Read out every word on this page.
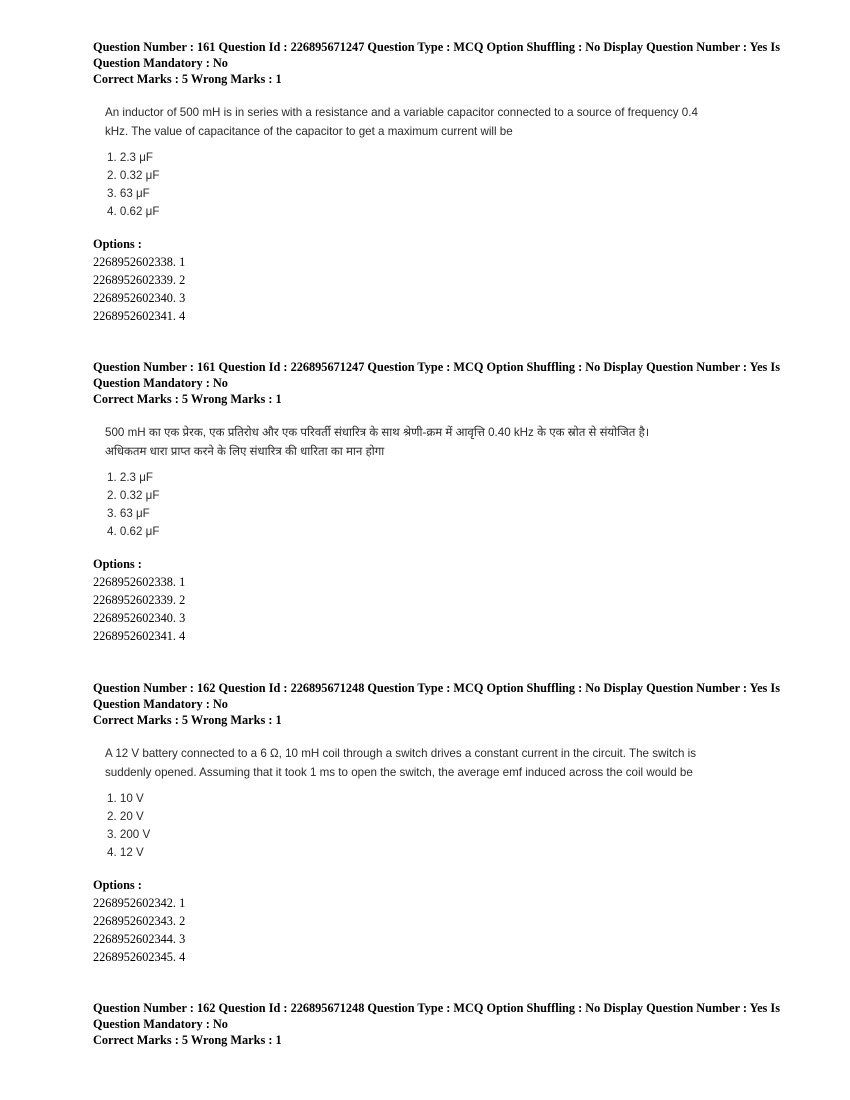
Question Number : 161 Question Id : 226895671247 Question Type : MCQ Option Shuffling : No Display Question Number : Yes Is
Question Mandatory : No
Correct Marks : 5 Wrong Marks : 1
An inductor of 500 mH is in series with a resistance and a variable capacitor connected to a source of frequency 0.4
kHz. The value of capacitance of the capacitor to get a maximum current will be
1. 2.3 μF
2. 0.32 μF
3. 63 μF
4. 0.62 μF
Options :
2268952602338. 1
2268952602339. 2
2268952602340. 3
2268952602341. 4
Question Number : 161 Question Id : 226895671247 Question Type : MCQ Option Shuffling : No Display Question Number : Yes Is
Question Mandatory : No
Correct Marks : 5 Wrong Marks : 1
500 mH का एक प्रेरक, एक प्रतिरोध और एक परिवर्ती संधारित्र के साथ श्रेणी-क्रम में आवृत्ति 0.40 kHz के एक स्रोत से संयोजित है।
अधिकतम धारा प्राप्त करने के लिए संधारित्र की धारिता का मान होगा
1. 2.3 μF
2. 0.32 μF
3. 63 μF
4. 0.62 μF
Options :
2268952602338. 1
2268952602339. 2
2268952602340. 3
2268952602341. 4
Question Number : 162 Question Id : 226895671248 Question Type : MCQ Option Shuffling : No Display Question Number : Yes Is
Question Mandatory : No
Correct Marks : 5 Wrong Marks : 1
A 12 V battery connected to a 6 Ω, 10 mH coil through a switch drives a constant current in the circuit. The switch is
suddenly opened. Assuming that it took 1 ms to open the switch, the average emf induced across the coil would be
1. 10 V
2. 20 V
3. 200 V
4. 12 V
Options :
2268952602342. 1
2268952602343. 2
2268952602344. 3
2268952602345. 4
Question Number : 162 Question Id : 226895671248 Question Type : MCQ Option Shuffling : No Display Question Number : Yes Is
Question Mandatory : No
Correct Marks : 5 Wrong Marks : 1
